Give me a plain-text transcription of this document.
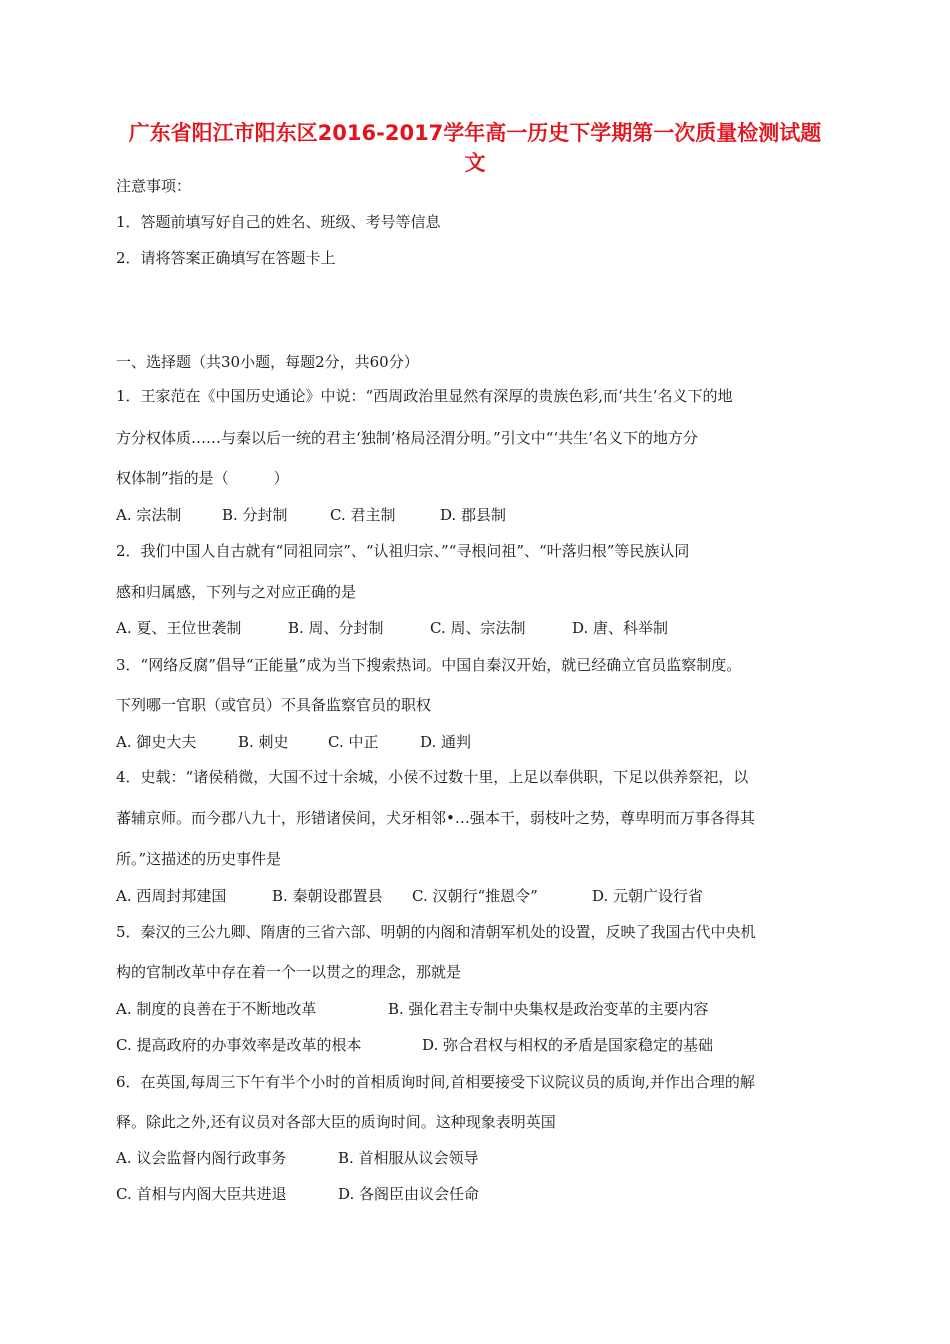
广东省阳江市阳东区2016-2017学年高一历史下学期第一次质量检测试题
文
注意事项：
1．答题前填写好自己的姓名、班级、考号等信息
2．请将答案正确填写在答题卡上
一、选择题（共30小题，每题2分，共60分）
1．王家范在《中国历史通论》中说：“西周政治里显然有深厚的贵族色彩,而‘共生’名义下的地
方分权体质……与秦以后一统的君主‘独制’格局泾渭分明。”引文中“‘共生’名义下的地方分
权体制”指的是（　　　）
A. 宗法制	B. 分封制	C. 君主制	D. 郡县制
2．我们中国人自古就有“同祖同宗”、“认祖归宗、”“寻根问祖”、“叶落归根”等民族认同
感和归属感，下列与之对应正确的是
A. 夏、王位世袭制	B. 周、分封制	C. 周、宗法制	D. 唐、科举制
3．“网络反腐”倡导“正能量”成为当下搜索热词。中国自秦汉开始，就已经确立官员监察制度。
下列哪一官职（或官员）不具备监察官员的职权
A. 御史大夫	B. 刺史	C. 中正	D. 通判
4．史载：“诸侯稍微，大国不过十余城，小侯不过数十里，上足以奉供职，下足以供养祭祀，以
蕃辅京师。而今郡八九十，形错诸侯间，犬牙相邻•…强本干，弱枝叶之势，尊卑明而万事各得其
所。”这描述的历史事件是
A. 西周封邦建国	B. 秦朝设郡置县 C. 汉朝行“推恩令”	D. 元朝广设行省
5．秦汉的三公九卿、隋唐的三省六部、明朝的内阁和清朝军机处的设置，反映了我国古代中央机
构的官制改革中存在着一个一以贯之的理念，那就是
A. 制度的良善在于不断地改革	B. 强化君主专制中央集权是政治变革的主要内容
C. 提高政府的办事效率是改革的根本	D. 弥合君权与相权的矛盾是国家稳定的基础
6．在英国,每周三下午有半个小时的首相质询时间,首相要接受下议院议员的质询,并作出合理的解
释。除此之外,还有议员对各部大臣的质询时间。这种现象表明英国
A. 议会监督内阁行政事务	B. 首相服从议会领导
C. 首相与内阁大臣共进退	D. 各阁臣由议会任命
